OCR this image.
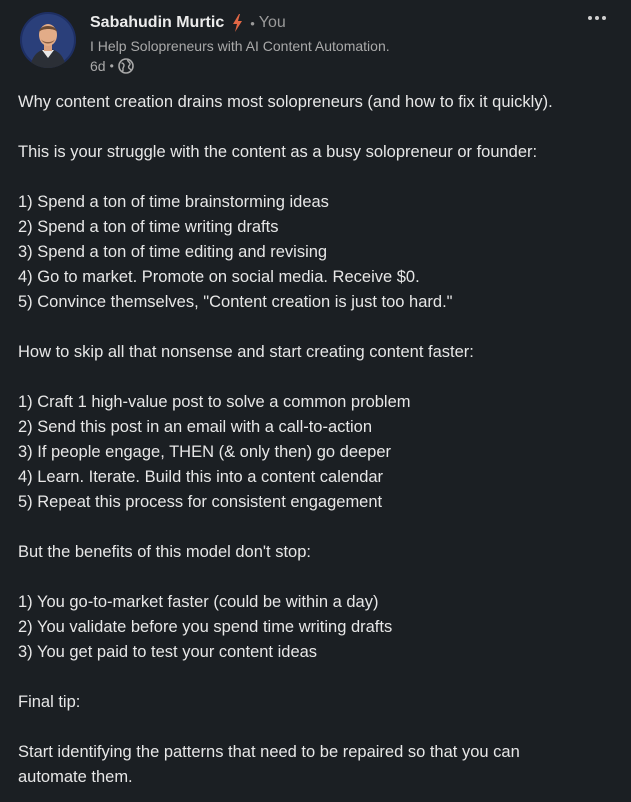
Sabahudin Murtic • You
I Help Solopreneurs with AI Content Automation.
6d •
Why content creation drains most solopreneurs (and how to fix it quickly).
This is your struggle with the content as a busy solopreneur or founder:
1) Spend a ton of time brainstorming ideas
2) Spend a ton of time writing drafts
3) Spend a ton of time editing and revising
4) Go to market. Promote on social media. Receive $0.
5) Convince themselves, "Content creation is just too hard."
How to skip all that nonsense and start creating content faster:
1) Craft 1 high-value post to solve a common problem
2) Send this post in an email with a call-to-action
3) If people engage, THEN (& only then) go deeper
4) Learn. Iterate. Build this into a content calendar
5) Repeat this process for consistent engagement
But the benefits of this model don't stop:
1) You go-to-market faster (could be within a day)
2) You validate before you spend time writing drafts
3) You get paid to test your content ideas
Final tip:
Start identifying the patterns that need to be repaired so that you can
automate them.
